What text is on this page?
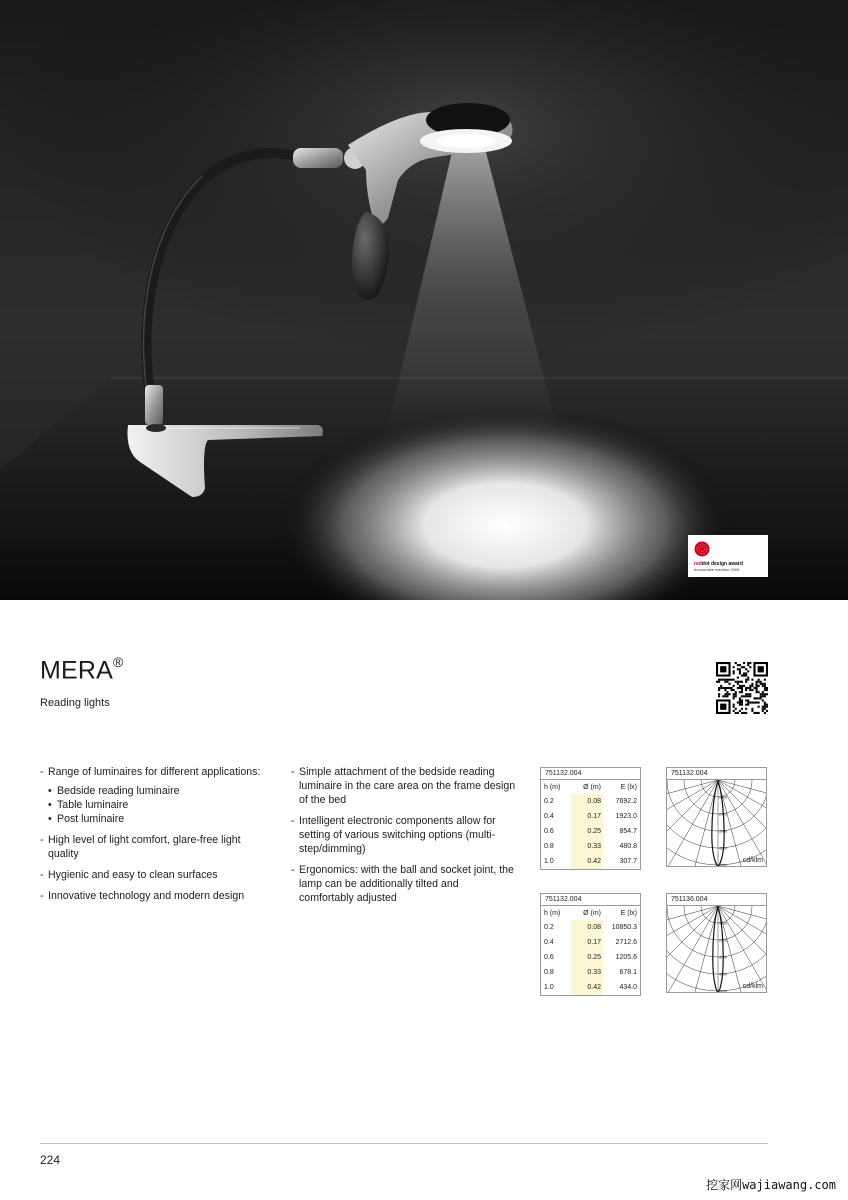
reddot design award
honourable mention 2009
MERA®
Reading lights

- Range of luminaires for different applications:

• Bedside reading luminaire
• Table luminaire
• Post luminaire

- High level of light comfort, glare-free light quality

- Hygienic and easy to clean surfaces

- Innovative technology and modern design

- Simple attachment of the bedside reading luminaire in the care area on the frame design of the bed

- Intelligent electronic components allow for setting of various switching options (multi-step/dimming)

- Ergonomics: with the ball and socket joint, the lamp can be additionally tilted and comfortably adjusted

751132.004
h (m)	Ø (m)	E (lx)
0.2	0.08	7692.2
0.4	0.17	1923.0
0.6	0.25	854.7
0.8	0.33	480.8
1.0	0.42	307.7
751132.004
h (m)	Ø (m)	E (lx)
0.2	0.08	10850.3
0.4	0.17	2712.6
0.6	0.25	1205.6
0.8	0.33	678.1
1.0	0.42	434.0
751132.004
1000
2000
3000
4000
5000
cd/klm
751136.004
1000
2000
3000
4000
5000
cd/klm
224
挖家网wajiawang.com
